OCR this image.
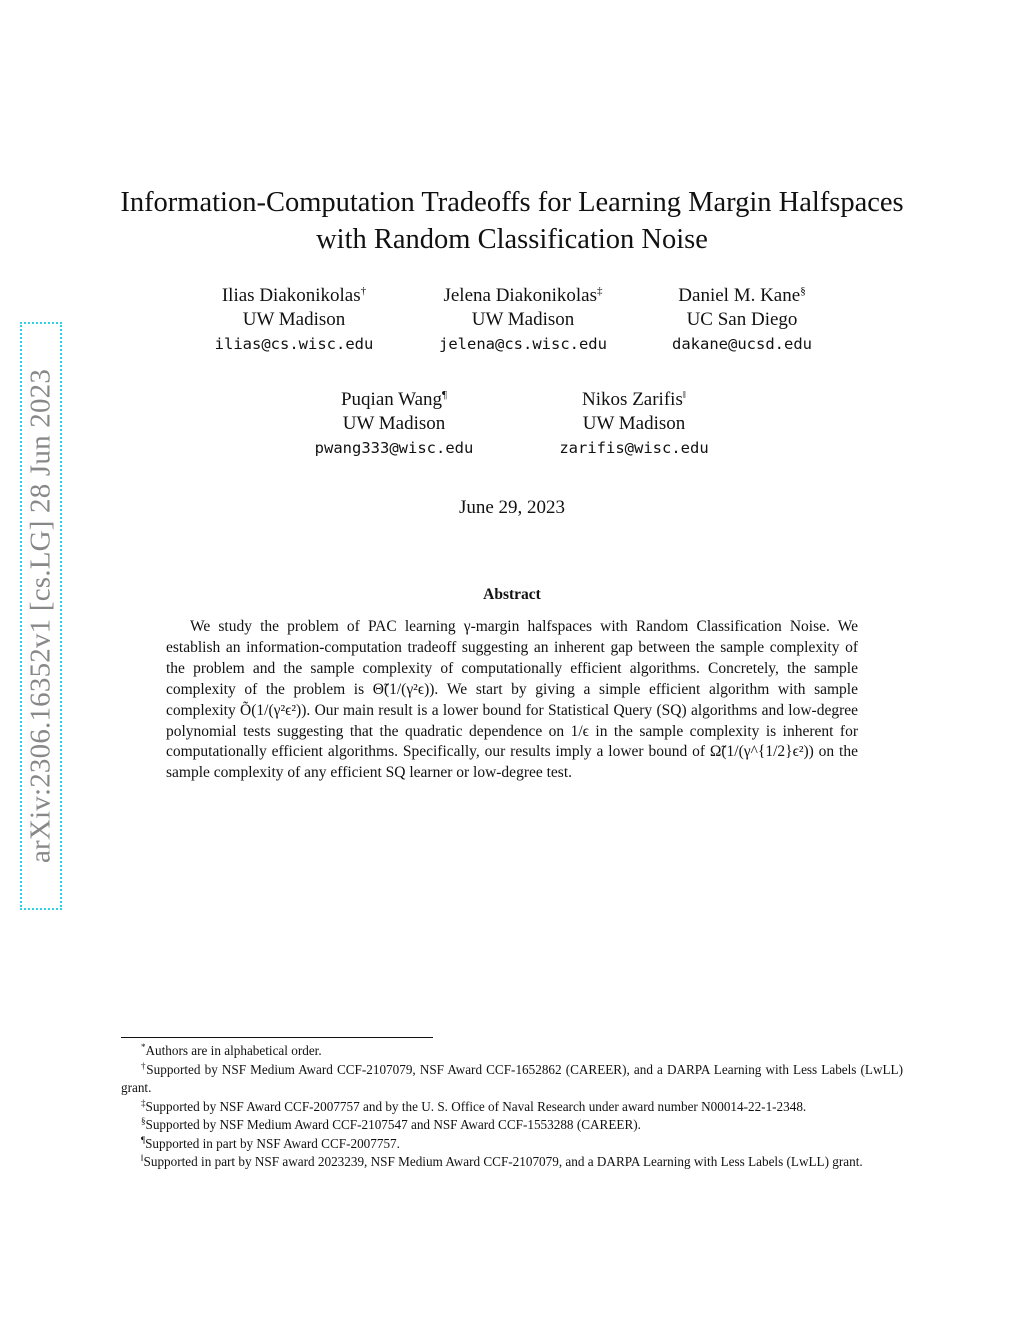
arXiv:2306.16352v1 [cs.LG] 28 Jun 2023
Information-Computation Tradeoffs for Learning Margin Halfspaces
with Random Classification Noise
Ilias Diakonikolas†
UW Madison
ilias@cs.wisc.edu
Jelena Diakonikolas‡
UW Madison
jelena@cs.wisc.edu
Daniel M. Kane§
UC San Diego
dakane@ucsd.edu
Puqian Wang¶
UW Madison
pwang333@wisc.edu
Nikos Zarifis‖
UW Madison
zarifis@wisc.edu
June 29, 2023
Abstract
We study the problem of PAC learning γ-margin halfspaces with Random Classification Noise. We establish an information-computation tradeoff suggesting an inherent gap between the sample complexity of the problem and the sample complexity of computationally efficient algorithms. Concretely, the sample complexity of the problem is Θ̃(1/(γ²ϵ)). We start by giving a simple efficient algorithm with sample complexity Õ(1/(γ²ϵ²)). Our main result is a lower bound for Statistical Query (SQ) algorithms and low-degree polynomial tests suggesting that the quadratic dependence on 1/ϵ in the sample complexity is inherent for computationally efficient algorithms. Specifically, our results imply a lower bound of Ω̃(1/(γ^{1/2}ϵ²)) on the sample complexity of any efficient SQ learner or low-degree test.

*Authors are in alphabetical order.

†Supported by NSF Medium Award CCF-2107079, NSF Award CCF-1652862 (CAREER), and a DARPA Learning with Less Labels (LwLL) grant.

‡Supported by NSF Award CCF-2007757 and by the U. S. Office of Naval Research under award number N00014-22-1-2348.

§Supported by NSF Medium Award CCF-2107547 and NSF Award CCF-1553288 (CAREER).

¶Supported in part by NSF Award CCF-2007757.

‖Supported in part by NSF award 2023239, NSF Medium Award CCF-2107079, and a DARPA Learning with Less Labels (LwLL) grant.
